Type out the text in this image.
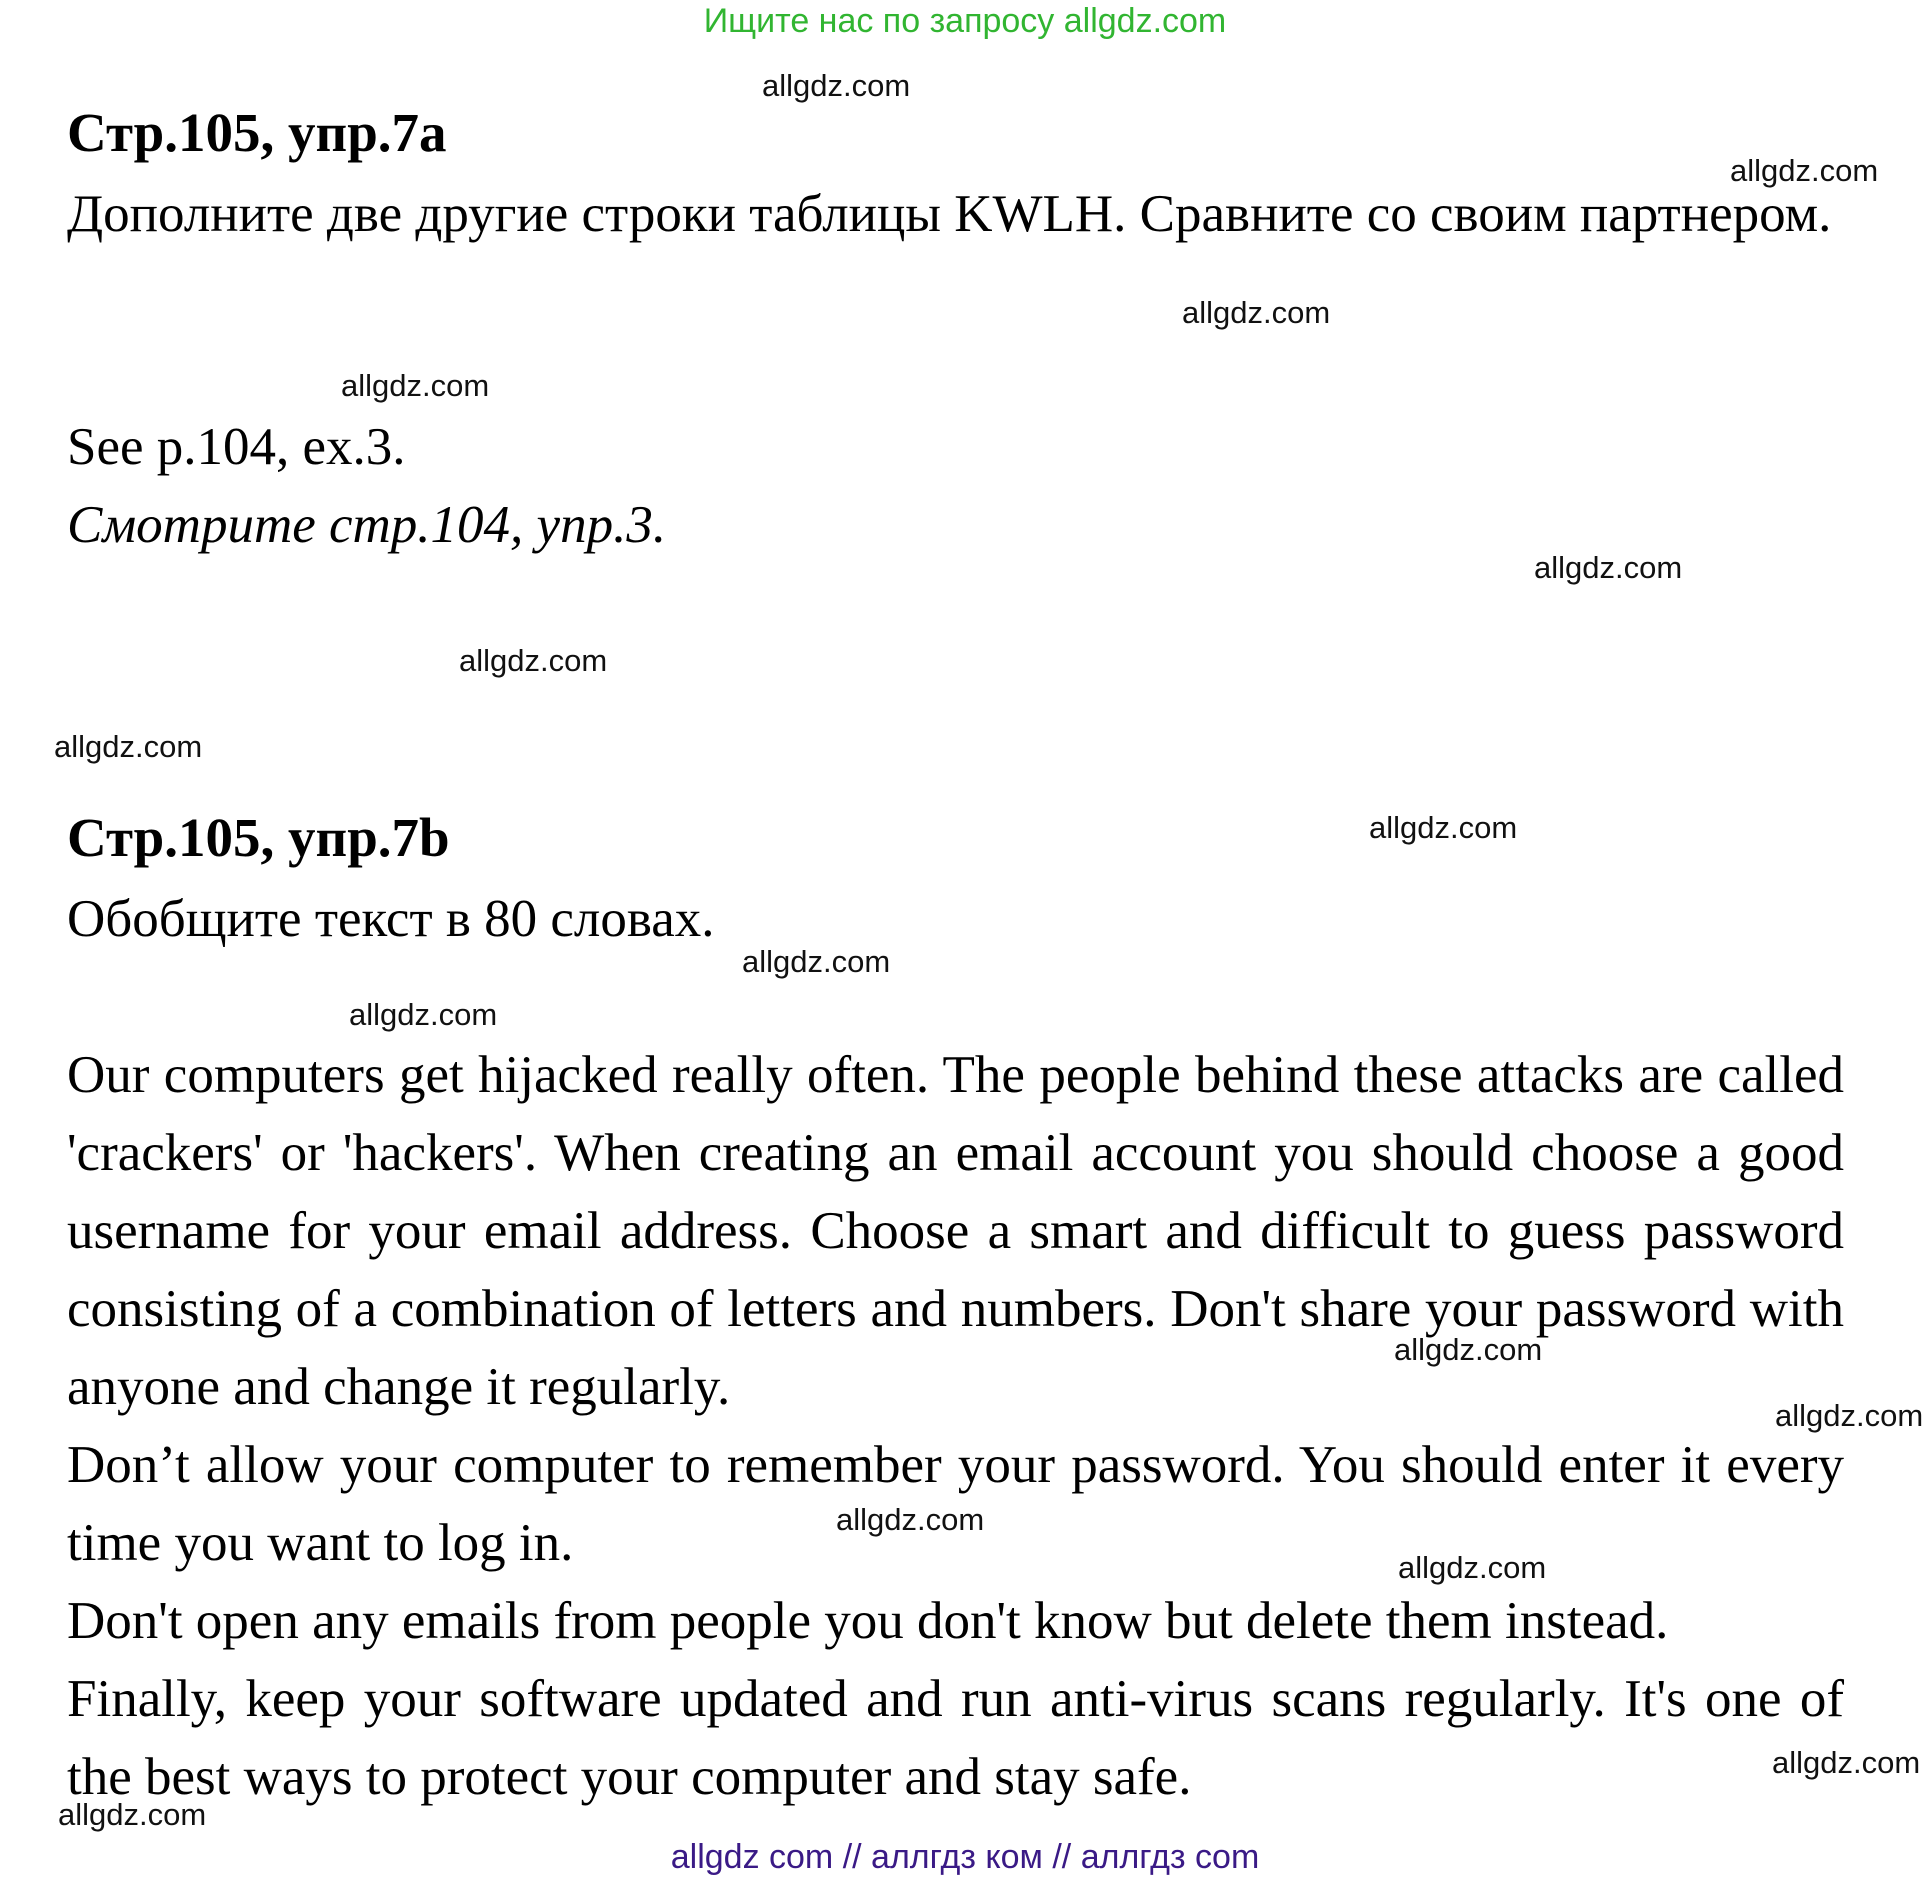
Ищите нас по запросу allgdz.com
Стр.105, упр.7a
Дополните две другие строки таблицы KWLH. Сравните со своим партнером.
See p.104, ex.3.
Смотрите стр.104, упр.3.
Стр.105, упр.7b
Обобщите текст в 80 словах.
Our computers get hijacked really often. The people behind these attacks are called 'crackers' or 'hackers'. When creating an email account you should choose a good username for your email address. Choose a smart and difficult to guess password consisting of a combination of letters and numbers. Don't share your password with anyone and change it regularly.
Don’t allow your computer to remember your password. You should enter it every time you want to log in.
Don't open any emails from people you don't know but delete them instead.
Finally, keep your software updated and run anti-virus scans regularly. It's one of the best ways to protect your computer and stay safe.
allgdz.com
allgdz.com
allgdz.com
allgdz.com
allgdz.com
allgdz.com
allgdz.com
allgdz.com
allgdz.com
allgdz.com
allgdz.com
allgdz.com
allgdz.com
allgdz.com
allgdz.com
allgdz.com
allgdz com // аллгдз ком // аллгдз com
